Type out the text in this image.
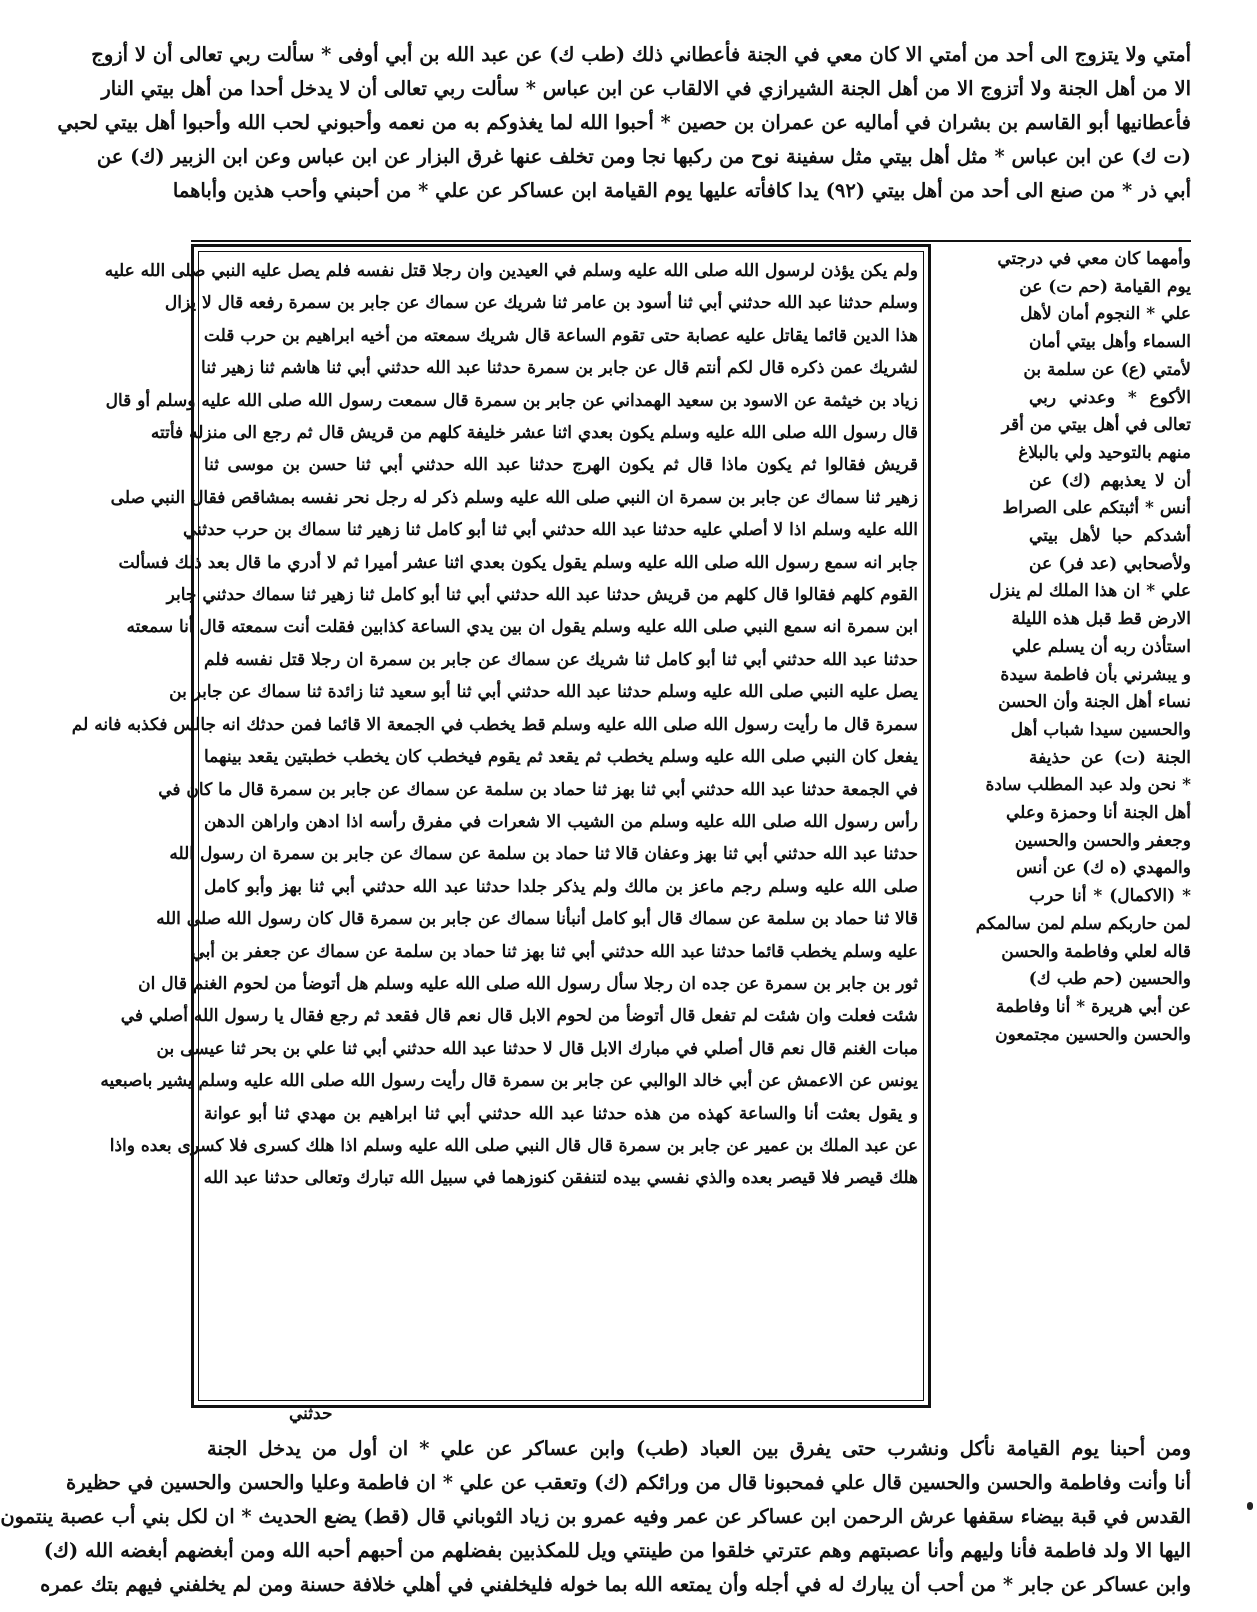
أمتي ولا يتزوج الى أحد من أمتي الا كان معي في الجنة فأعطاني ذلك (طب ك) عن عبد الله بن أبي أوفى * سألت ربي تعالى أن لا أزوج
الا من أهل الجنة ولا أتزوج الا من أهل الجنة الشيرازي في الالقاب عن ابن عباس * سألت ربي تعالى أن لا يدخل أحدا من أهل بيتي النار
فأعطانيها أبو القاسم بن بشران في أماليه عن عمران بن حصين * أحبوا الله لما يغذوكم به من نعمه وأحبوني لحب الله وأحبوا أهل بيتي لحبي
(ت ك) عن ابن عباس * مثل أهل بيتي مثل سفينة نوح من ركبها نجا ومن تخلف عنها غرق البزار عن ابن عباس وعن ابن الزبير (ك) عن
أبي ذر * من صنع الى أحد من أهل بيتي (٩٢) يدا كافأته عليها يوم القيامة ابن عساكر عن علي * من أحبني وأحب هذين وأباهما
وأمهما كان معي في درجتي
يوم القيامة (حم ت) عن
علي * النجوم أمان لأهل
السماء وأهل بيتي أمان
لأمتي (ع) عن سلمة بن
الأكوع * وعدني ربي
تعالى في أهل بيتي من أقر
منهم بالتوحيد ولي بالبلاغ
أن لا يعذبهم (ك) عن
أنس * أثبتكم على الصراط
أشدكم حبا لأهل بيتي
ولأصحابي (عد فر) عن
علي * ان هذا الملك لم ينزل
الارض قط قبل هذه الليلة
استأذن ربه أن يسلم علي
و يبشرني بأن فاطمة سيدة
نساء أهل الجنة وأن الحسن
والحسين سيدا شباب أهل
الجنة (ت) عن حذيفة
* نحن ولد عبد المطلب سادة
أهل الجنة أنا وحمزة وعلي
وجعفر والحسن والحسين
والمهدي (ه ك) عن أنس
* (الاكمال) * أنا حرب
لمن حاربكم سلم لمن سالمكم
قاله لعلي وفاطمة والحسن
والحسين (حم طب ك)
عن أبي هريرة * أنا وفاطمة
والحسن والحسين مجتمعون
ولم يكن يؤذن لرسول الله صلى الله عليه وسلم في العيدين وان رجلا قتل نفسه فلم يصل عليه النبي صلى الله عليه
وسلم حدثنا عبد الله حدثني أبي ثنا أسود بن عامر ثنا شريك عن سماك عن جابر بن سمرة رفعه قال لا يزال
هذا الدين قائما يقاتل عليه عصابة حتى تقوم الساعة قال شريك سمعته من أخيه ابراهيم بن حرب قلت
لشريك عمن ذكره قال لكم أنتم قال عن جابر بن سمرة حدثنا عبد الله حدثني أبي ثنا هاشم ثنا زهير ثنا
زياد بن خيثمة عن الاسود بن سعيد الهمداني عن جابر بن سمرة قال سمعت رسول الله صلى الله عليه وسلم أو قال
قال رسول الله صلى الله عليه وسلم يكون بعدي اثنا عشر خليفة كلهم من قريش قال ثم رجع الى منزله فأتته
قريش فقالوا ثم يكون ماذا قال ثم يكون الهرج حدثنا عبد الله حدثني أبي ثنا حسن بن موسى ثنا
زهير ثنا سماك عن جابر بن سمرة ان النبي صلى الله عليه وسلم ذكر له رجل نحر نفسه بمشاقص فقال النبي صلى
الله عليه وسلم اذا لا أصلي عليه حدثنا عبد الله حدثني أبي ثنا أبو كامل ثنا زهير ثنا سماك بن حرب حدثني
جابر انه سمع رسول الله صلى الله عليه وسلم يقول يكون بعدي اثنا عشر أميرا ثم لا أدري ما قال بعد ذلك فسألت
القوم كلهم فقالوا قال كلهم من قريش حدثنا عبد الله حدثني أبي ثنا أبو كامل ثنا زهير ثنا سماك حدثني جابر
ابن سمرة انه سمع النبي صلى الله عليه وسلم يقول ان بين يدي الساعة كذابين فقلت أنت سمعته قال أنا سمعته
حدثنا عبد الله حدثني أبي ثنا أبو كامل ثنا شريك عن سماك عن جابر بن سمرة ان رجلا قتل نفسه فلم
يصل عليه النبي صلى الله عليه وسلم حدثنا عبد الله حدثني أبي ثنا أبو سعيد ثنا زائدة ثنا سماك عن جابر بن
سمرة قال ما رأيت رسول الله صلى الله عليه وسلم قط يخطب في الجمعة الا قائما فمن حدثك انه جالس فكذبه فانه لم
يفعل كان النبي صلى الله عليه وسلم يخطب ثم يقعد ثم يقوم فيخطب كان يخطب خطبتين يقعد بينهما
في الجمعة حدثنا عبد الله حدثني أبي ثنا بهز ثنا حماد بن سلمة عن سماك عن جابر بن سمرة قال ما كان في
رأس رسول الله صلى الله عليه وسلم من الشيب الا شعرات في مفرق رأسه اذا ادهن واراهن الدهن
حدثنا عبد الله حدثني أبي ثنا بهز وعفان قالا ثنا حماد بن سلمة عن سماك عن جابر بن سمرة ان رسول الله
صلى الله عليه وسلم رجم ماعز بن مالك ولم يذكر جلدا حدثنا عبد الله حدثني أبي ثنا بهز وأبو كامل
قالا ثنا حماد بن سلمة عن سماك قال أبو كامل أنبأنا سماك عن جابر بن سمرة قال كان رسول الله صلى الله
عليه وسلم يخطب قائما حدثنا عبد الله حدثني أبي ثنا بهز ثنا حماد بن سلمة عن سماك عن جعفر بن أبي
ثور بن جابر بن سمرة عن جده ان رجلا سأل رسول الله صلى الله عليه وسلم هل أتوضأ من لحوم الغنم قال ان
شئت فعلت وان شئت لم تفعل قال أتوضأ من لحوم الابل قال نعم قال فقعد ثم رجع فقال يا رسول الله أصلي في
مبات الغنم قال نعم قال أصلي في مبارك الابل قال لا حدثنا عبد الله حدثني أبي ثنا علي بن بحر ثنا عيسى بن
يونس عن الاعمش عن أبي خالد الوالبي عن جابر بن سمرة قال رأيت رسول الله صلى الله عليه وسلم يشير باصبعيه
و يقول بعثت أنا والساعة كهذه من هذه حدثنا عبد الله حدثني أبي ثنا ابراهيم بن مهدي ثنا أبو عوانة
عن عبد الملك بن عمير عن جابر بن سمرة قال قال النبي صلى الله عليه وسلم اذا هلك كسرى فلا كسرى بعده واذا
هلك قيصر فلا قيصر بعده والذي نفسي بيده لتنفقن كنوزهما في سبيل الله تبارك وتعالى حدثنا عبد الله
حدثني
ومن أحبنا يوم القيامة نأكل ونشرب حتى يفرق بين العباد (طب) وابن عساكر عن علي * ان أول من يدخل الجنة
أنا وأنت وفاطمة والحسن والحسين قال علي فمحبونا قال من ورائكم (ك) وتعقب عن علي * ان فاطمة وعليا والحسن والحسين في حظيرة
القدس في قبة بيضاء سقفها عرش الرحمن ابن عساكر عن عمر وفيه عمرو بن زياد الثوباني قال (قط) يضع الحديث * ان لكل بني أب عصبة ينتمون
اليها الا ولد فاطمة فأنا وليهم وأنا عصبتهم وهم عترتي خلقوا من طينتي ويل للمكذبين بفضلهم من أحبهم أحبه الله ومن أبغضهم أبغضه الله (ك)
وابن عساكر عن جابر * من أحب أن يبارك له في أجله وأن يمتعه الله بما خوله فليخلفني في أهلي خلافة حسنة ومن لم يخلفني فيهم بتك عمره
